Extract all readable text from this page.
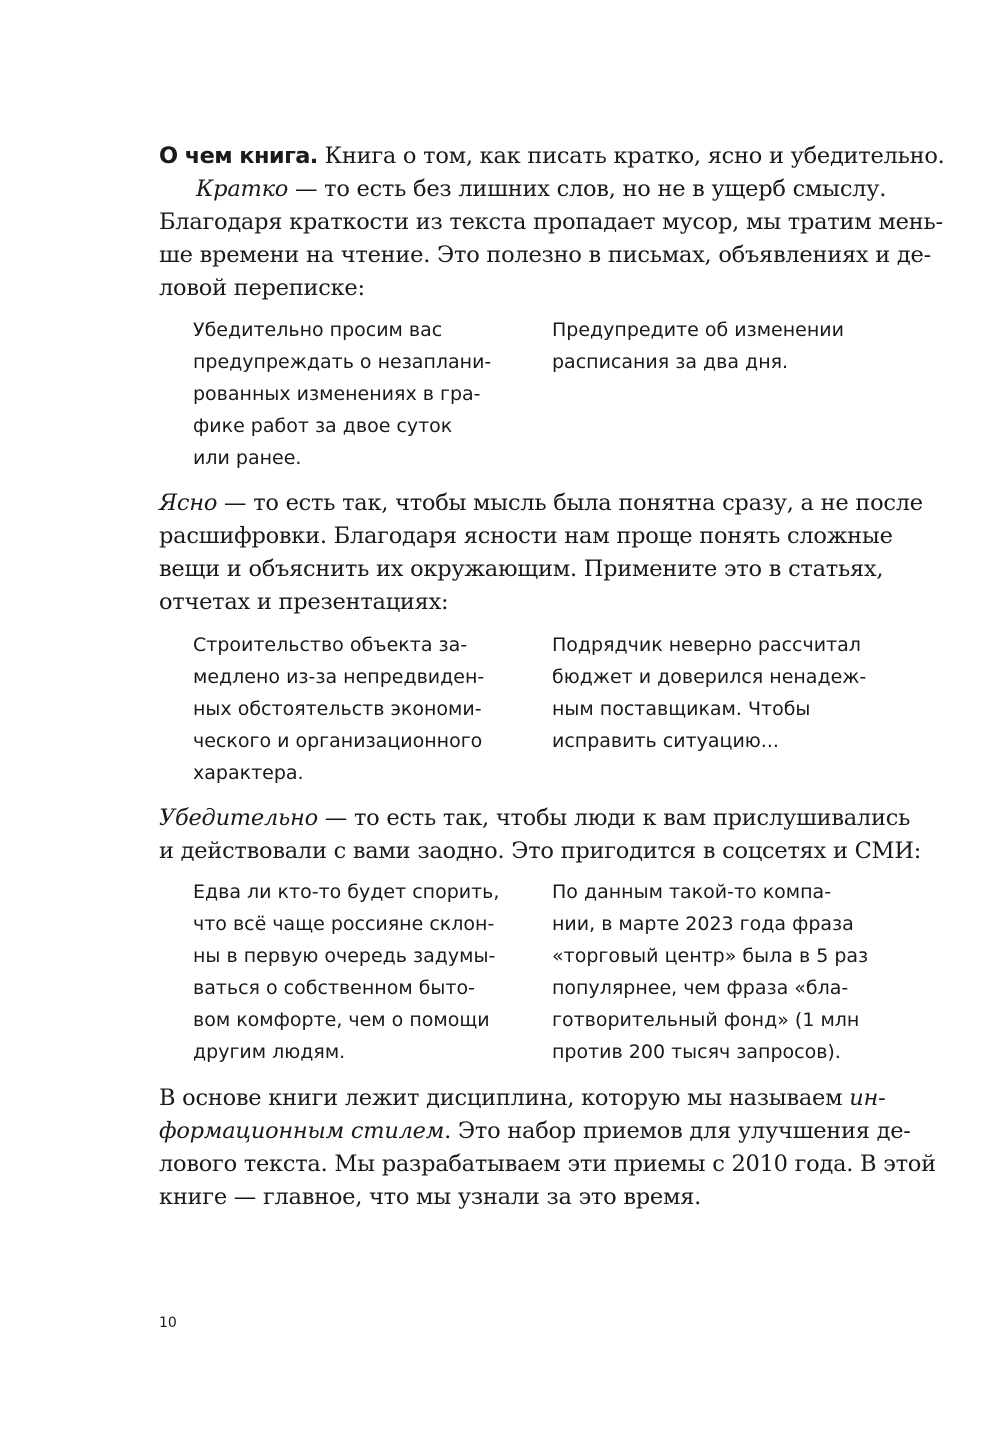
О чем книга. Книга о том, как писать кратко, ясно и убедительно.
Кратко — то есть без лишних слов, но не в ущерб смыслу.
Благодаря краткости из текста пропадает мусор, мы тратим мень-
ше времени на чтение. Это полезно в письмах, объявлениях и де-
ловой переписке:
Убедительно просим вас
предупреждать о незаплани-
рованных изменениях в гра-
фике работ за двое суток
или ранее.
Предупредите об изменении
расписания за два дня.
Ясно — то есть так, чтобы мысль была понятна сразу, а не после
расшифровки. Благодаря ясности нам проще понять сложные
вещи и объяснить их окружающим. Примените это в статьях,
отчетах и презентациях:
Строительство объекта за-
медлено из-за непредвиден-
ных обстоятельств экономи-
ческого и организационного
характера.
Подрядчик неверно рассчитал
бюджет и доверился ненадеж-
ным поставщикам. Чтобы
исправить ситуацию...
Убедительно — то есть так, чтобы люди к вам прислушивались
и действовали с вами заодно. Это пригодится в соцсетях и СМИ:
Едва ли кто-то будет спорить,
что всё чаще россияне склон-
ны в первую очередь задумы-
ваться о собственном быто-
вом комфорте, чем о помощи
другим людям.
По данным такой-то компа-
нии, в марте 2023 года фраза
«торговый центр» была в 5 раз
популярнее, чем фраза «бла-
готворительный фонд» (1 млн
против 200 тысяч запросов).
В основе книги лежит дисциплина, которую мы называем ин-
формационным стилем. Это набор приемов для улучшения де-
лового текста. Мы разрабатываем эти приемы с 2010 года. В этой
книге — главное, что мы узнали за это время.
10
